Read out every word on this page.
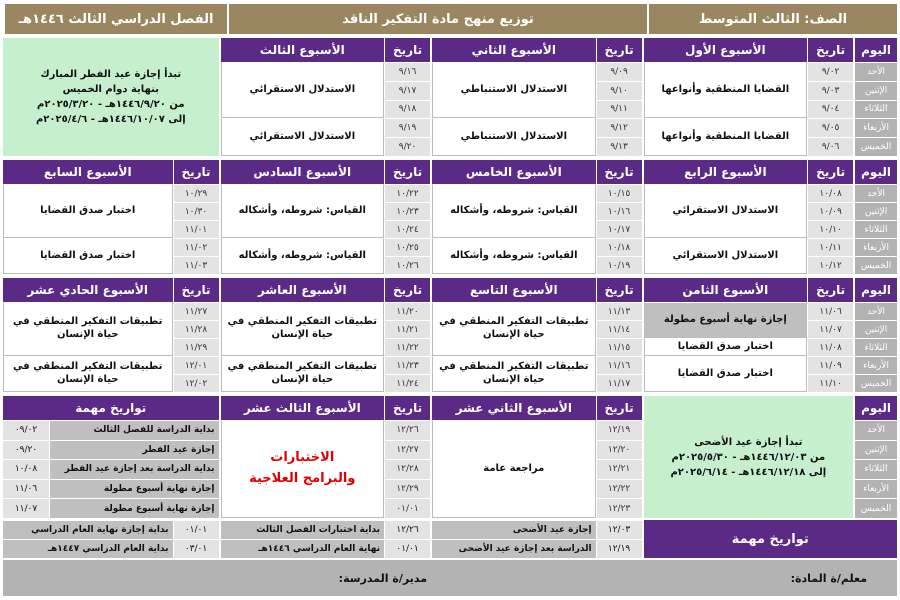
الصف: الثالث المتوسط
توزيع منهج مادة التفكير الناقد
الفصل الدراسي الثالث ١٤٤٦هـ
اليوم
الأحد
الإثنين
الثلاثاء
الأربعاء
الخميس
تاريخ
الأسبوع الأول
٩/٠٢
٩/٠٣
٩/٠٤
٩/٠٥
٩/٠٦
القضايا المنطقية وأنواعها
القضايا المنطقية وأنواعها
تاريخ
الأسبوع الثاني
٩/٠٩
٩/١٠
٩/١١
٩/١٢
٩/١٣
الاستدلال الاستنباطي
الاستدلال الاستنباطي
تاريخ
الأسبوع الثالث
٩/١٦
٩/١٧
٩/١٨
٩/١٩
٩/٢٠
الاستدلال الاستقرائي
الاستدلال الاستقرائي
تبدأ إجازة عيد الفطر المبارك
بنهاية دوام الخميس
من ١٤٤٦/٩/٢٠هـ - ٢٠٢٥/٣/٢٠م
إلى ١٤٤٦/١٠/٠٧هـ - ٢٠٢٥/٤/٦م
اليوم
الأحد
الإثنين
الثلاثاء
الأربعاء
الخميس
تاريخ
الأسبوع الرابع
١٠/٠٨
١٠/٠٩
١٠/١٠
١٠/١١
١٠/١٢
الاستدلال الاستقرائي
الاستدلال الاستقرائي
تاريخ
الأسبوع الخامس
١٠/١٥
١٠/١٦
١٠/١٧
١٠/١٨
١٠/١٩
القياس: شروطه، وأشكاله
القياس: شروطه، وأشكاله
تاريخ
الأسبوع السادس
١٠/٢٢
١٠/٢٣
١٠/٢٤
١٠/٢٥
١٠/٢٦
القياس: شروطه، وأشكاله
القياس: شروطه، وأشكاله
تاريخ
الأسبوع السابع
١٠/٢٩
١٠/٣٠
١١/٠١
١١/٠٢
١١/٠٣
اختبار صدق القضايا
اختبار صدق القضايا
اليوم
الأحد
الإثنين
الثلاثاء
الأربعاء
الخميس
تاريخ
الأسبوع الثامن
١١/٠٦
١١/٠٧
١١/٠٨
١١/٠٩
١١/١٠
إجازة نهاية أسبوع مطولة
اختبار صدق القضايا
اختبار صدق القضايا
تاريخ
الأسبوع التاسع
١١/١٣
١١/١٤
١١/١٥
١١/١٦
١١/١٧
تطبيقات التفكير المنطقي في حياة الإنسان
تطبيقات التفكير المنطقي في حياة الإنسان
تاريخ
الأسبوع العاشر
١١/٢٠
١١/٢١
١١/٢٢
١١/٢٣
١١/٢٤
تطبيقات التفكير المنطقي في حياة الإنسان
تطبيقات التفكير المنطقي في حياة الإنسان
تاريخ
الأسبوع الحادي عشر
١١/٢٧
١١/٢٨
١١/٢٩
١٢/٠١
١٢/٠٢
تطبيقات التفكير المنطقي في حياة الإنسان
تطبيقات التفكير المنطقي في حياة الإنسان
اليوم
الأحد
الإثنين
الثلاثاء
الأربعاء
الخميس
تبدأ إجازة عيد الأضحى
من ١٤٤٦/١٢/٠٣هـ - ٢٠٢٥/٥/٣٠م
إلى ١٤٤٦/١٢/١٨هـ - ٢٠٢٥/٦/١٤م
تاريخ
الأسبوع الثاني عشر
١٢/١٩
١٢/٢٠
١٢/٢١
١٢/٢٢
١٢/٢٣
مراجعة عامة
تاريخ
الأسبوع الثالث عشر
١٢/٢٦
١٢/٢٧
١٢/٢٨
١٢/٢٩
٠١/٠١
الاختبارات
والبرامج العلاجية
تواريخ مهمة
بداية الدراسة للفصل الثالث
٠٩/٠٢
إجازة عيد الفطر
٠٩/٢٠
بداية الدراسة بعد إجازة عيد الفطر
١٠/٠٨
إجازة نهاية أسبوع مطولة
١١/٠٦
إجازة نهاية أسبوع مطولة
١١/٠٧
تواريخ مهمة
١٢/٠٣
إجازة عيد الأضحى
١٢/١٩
الدراسة بعد إجازة عيد الأضحى
١٢/٢٦
بداية اختبارات الفصل الثالث
٠١/٠١
نهاية العام الدراسي ١٤٤٦هـ
٠١/٠١
بداية إجازة نهاية العام الدراسي
٠٣/٠١
بداية العام الدراسي ١٤٤٧هـ
معلم/ة المادة:
مدير/ة المدرسة:
